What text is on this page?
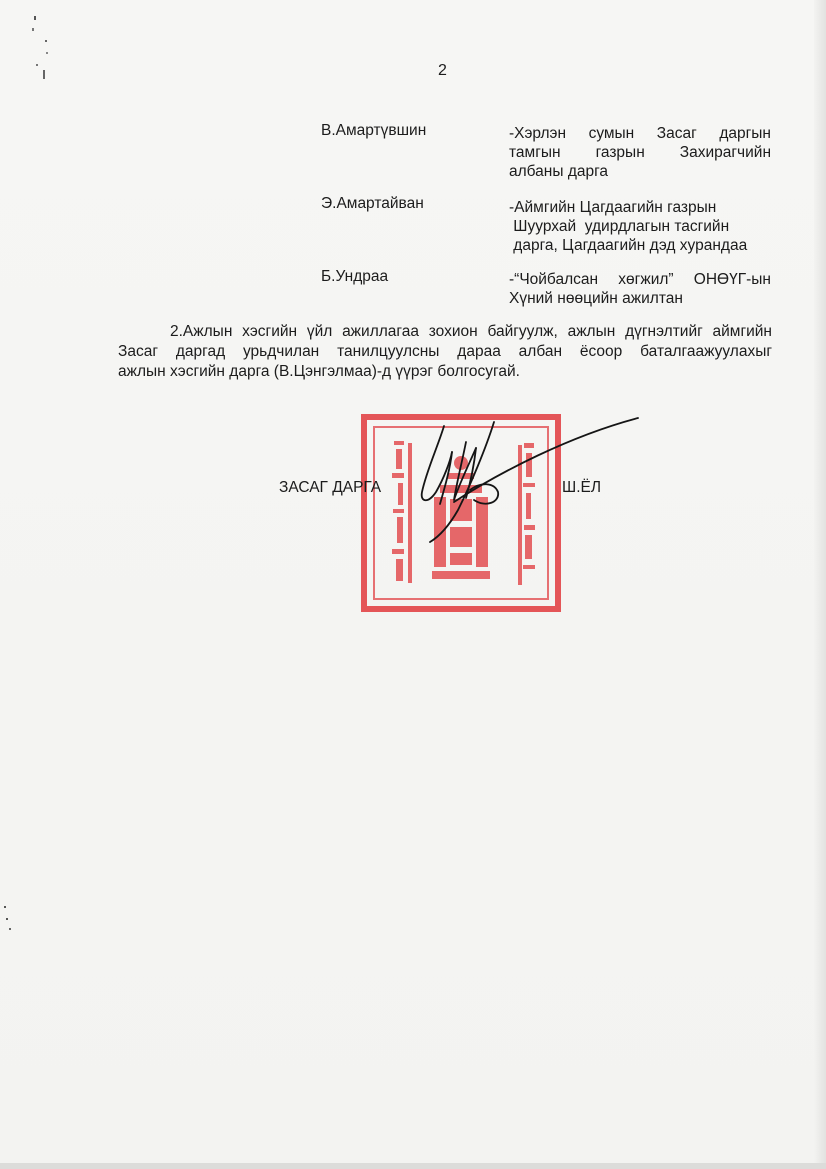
2
В.Амартүвшин	-Хэрлэн сумын Засаг даргын
тамгын газрын Захирагчийн
албаны дарга
Э.Амартайван	-Аймгийн Цагдаагийн газрын
Шуурхай  удирдлагын тасгийн
дарга, Цагдаагийн дэд хурандаа
Б.Ундраа	-“Чойбалсан хөгжил” ОНӨҮГ-ын
Хүний нөөцийн ажилтан
2.Ажлын хэсгийн үйл ажиллагаа зохион байгуулж, ажлын дүгнэлтийг аймгийн
Засаг даргад урьдчилан танилцуулсны дараа албан ёсоор баталгаажуулахыг
ажлын хэсгийн дарга (В.Цэнгэлмаа)-д үүрэг болгосугай.
ЗАСАГ ДАРГА	Ш.ЁЛ
